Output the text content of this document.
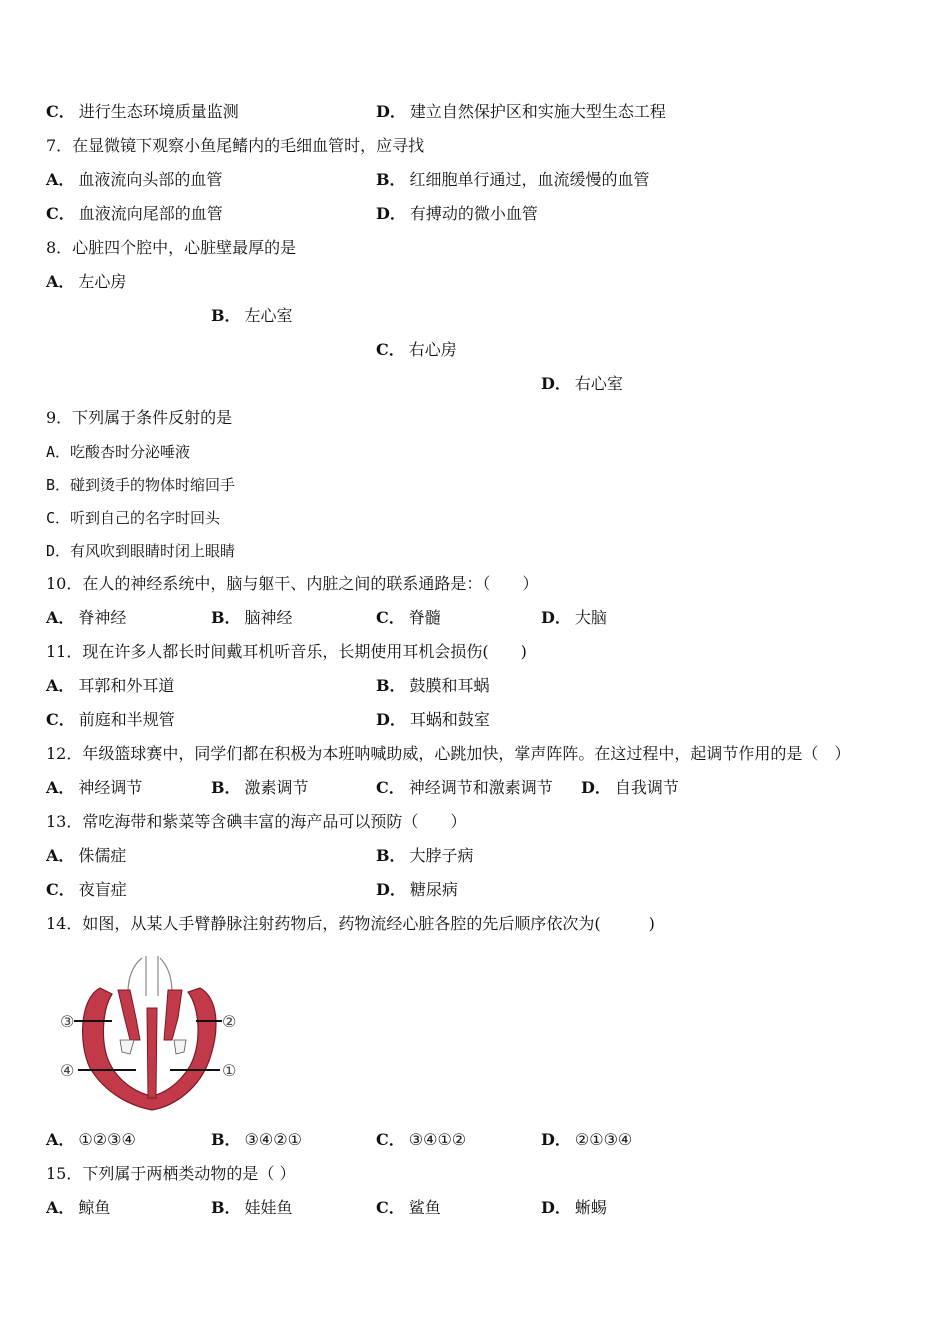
C． 进行生态环境质量监测	D． 建立自然保护区和实施大型生态工程
7．在显微镜下观察小鱼尾鳍内的毛细血管时，应寻找
A． 血液流向头部的血管	B． 红细胞单行通过，血流缓慢的血管
C． 血液流向尾部的血管	D． 有搏动的微小血管
8．心脏四个腔中，心脏壁最厚的是
A． 左心房
B． 左心室
C． 右心房
D． 右心室
9．下列属于条件反射的是
A．吃酸杏时分泌唾液
B．碰到烫手的物体时缩回手
C．听到自己的名字时回头
D．有风吹到眼睛时闭上眼睛
10．在人的神经系统中，脑与躯干、内脏之间的联系通路是：（　　）
A． 脊神经	B． 脑神经	C． 脊髓	D． 大脑
11．现在许多人都长时间戴耳机听音乐，长期使用耳机会损伤(　　)
A． 耳郭和外耳道	B． 鼓膜和耳蜗
C． 前庭和半规管	D． 耳蜗和鼓室
12．年级篮球赛中，同学们都在积极为本班呐喊助威，心跳加快，掌声阵阵。在这过程中，起调节作用的是（　）
A． 神经调节	B． 激素调节	C． 神经调节和激素调节 D． 自我调节
13．常吃海带和紫菜等含碘丰富的海产品可以预防（　　）
A． 侏儒症	B． 大脖子病
C． 夜盲症	D． 糖尿病
14．如图，从某人手臂静脉注射药物后，药物流经心脏各腔的先后顺序依次为(　　　)
A． ①②③④	B． ③④②①	C． ③④①②	D． ②①③④
15．下列属于两栖类动物的是（ ）
A． 鲸鱼	B． 娃娃鱼	C． 鲨鱼	D． 蜥蜴
③	②
④	①
